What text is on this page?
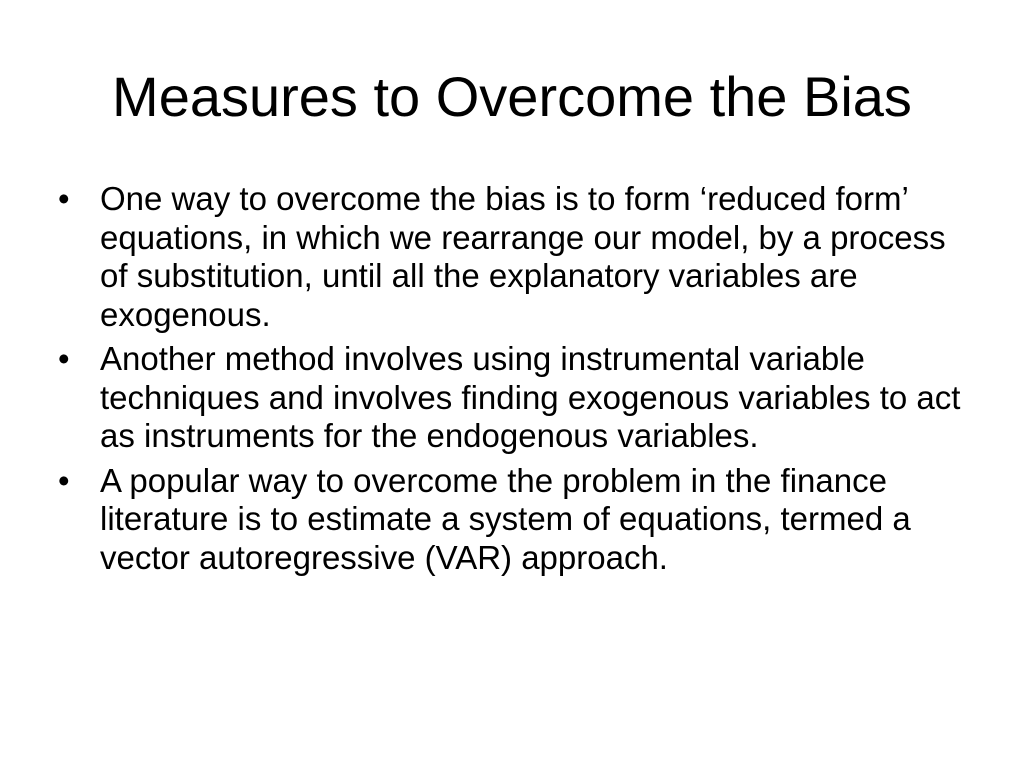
Measures to Overcome the Bias
• One way to overcome the bias is to form ‘reduced form’ equations, in which we rearrange our model, by a process of substitution, until all the explanatory variables are exogenous.
• Another method involves using instrumental variable techniques and involves finding exogenous variables to act as instruments for the endogenous variables.
• A popular way to overcome the problem in the finance literature is to estimate a system of equations, termed a vector autoregressive (VAR) approach.
